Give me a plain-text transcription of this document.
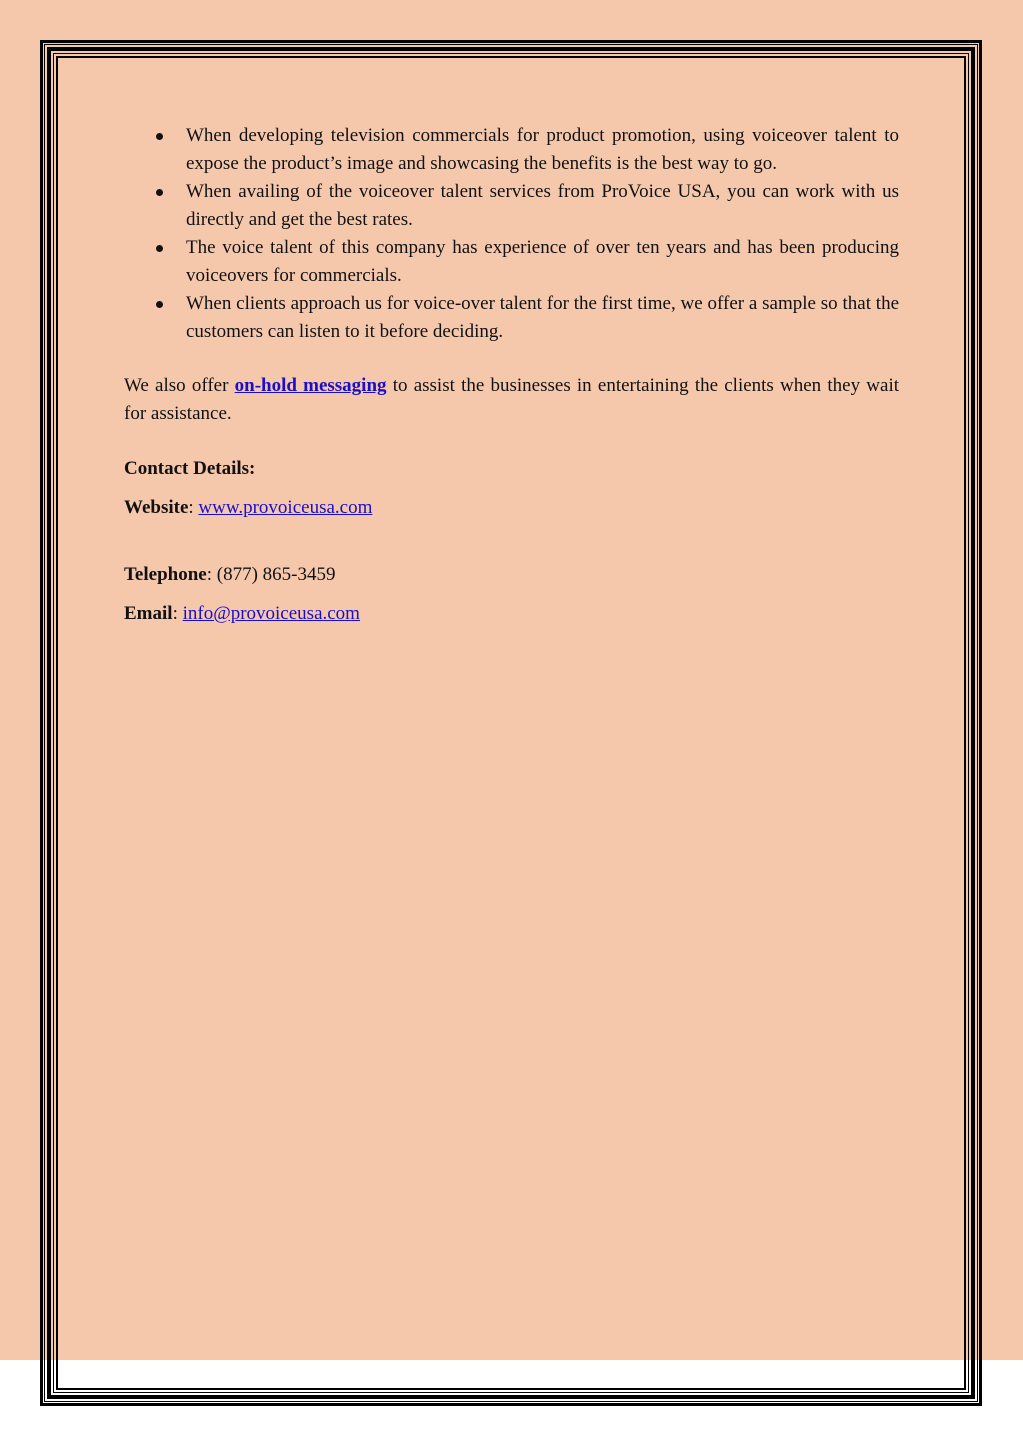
When developing television commercials for product promotion, using voiceover talent to expose the product’s image and showcasing the benefits is the best way to go.
When availing of the voiceover talent services from ProVoice USA, you can work with us directly and get the best rates.
The voice talent of this company has experience of over ten years and has been producing voiceovers for commercials.
When clients approach us for voice-over talent for the first time, we offer a sample so that the customers can listen to it before deciding.

We also offer on-hold messaging to assist the businesses in entertaining the clients when they wait for assistance.

Contact Details:

Website: www.provoiceusa.com

Telephone: (877) 865-3459

Email: info@provoiceusa.com
